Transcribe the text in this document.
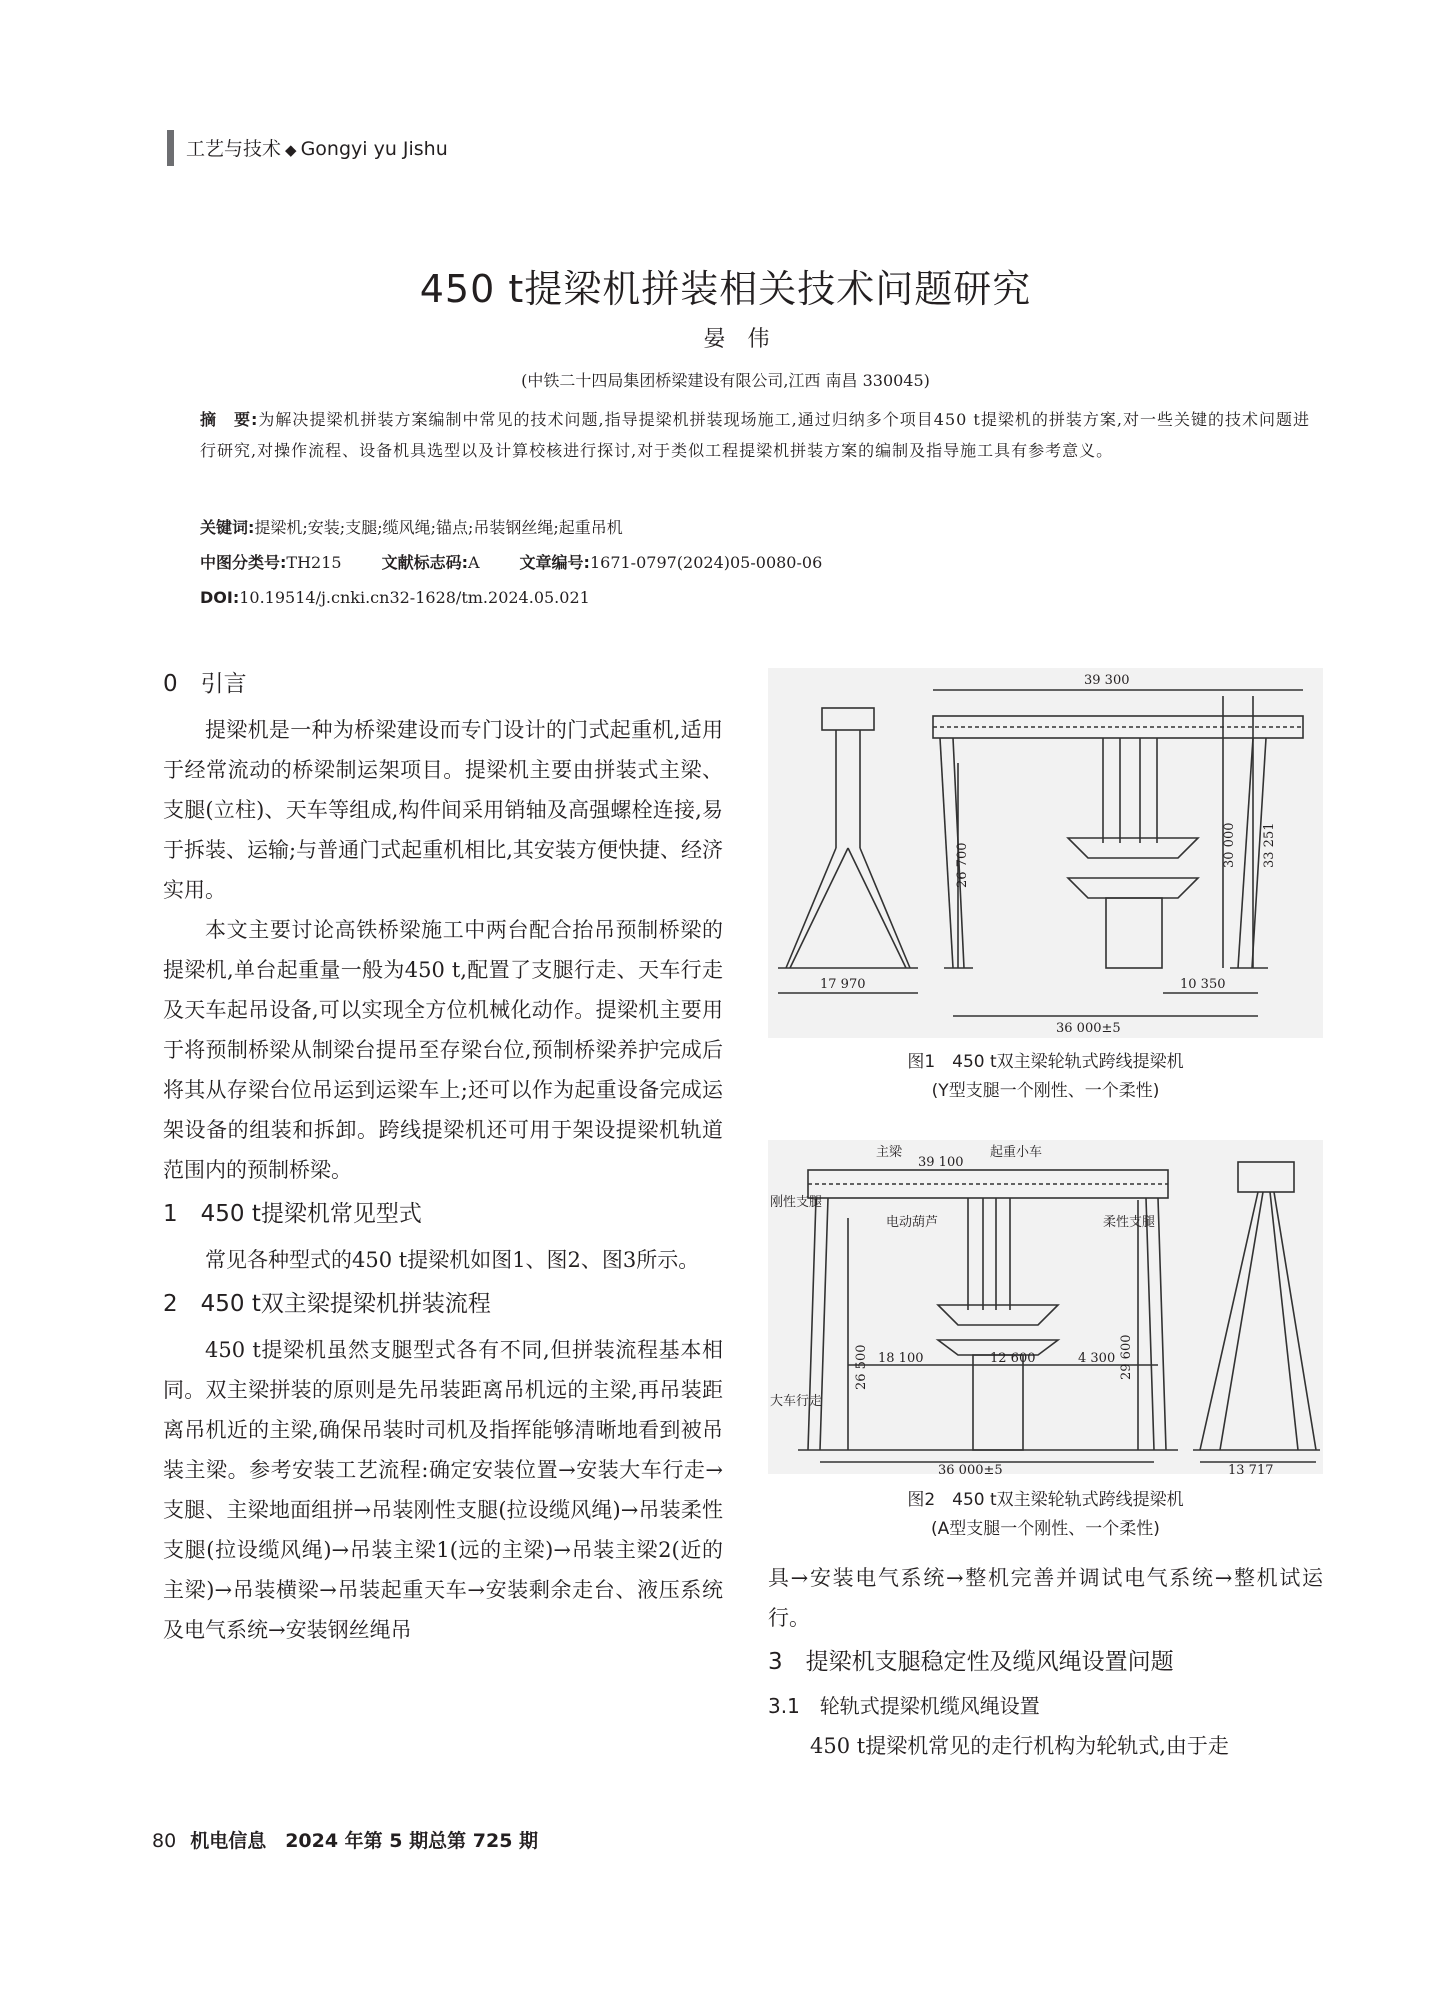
工艺与技术 ◆ Gongyi yu Jishu
450 t提梁机拼装相关技术问题研究
晏伟
(中铁二十四局集团桥梁建设有限公司,江西 南昌 330045)
摘　要:为解决提梁机拼装方案编制中常见的技术问题,指导提梁机拼装现场施工,通过归纳多个项目450 t提梁机的拼装方案,对一些关键的技术问题进行研究,对操作流程、设备机具选型以及计算校核进行探讨,对于类似工程提梁机拼装方案的编制及指导施工具有参考意义。
关键词:提梁机;安装;支腿;缆风绳;锚点;吊装钢丝绳;起重吊机
中图分类号:TH215	文献标志码:A	文章编号:1671-0797(2024)05-0080-06
DOI:10.19514/j.cnki.cn32-1628/tm.2024.05.021
0　引言

提梁机是一种为桥梁建设而专门设计的门式起重机,适用于经常流动的桥梁制运架项目。提梁机主要由拼装式主梁、支腿(立柱)、天车等组成,构件间采用销轴及高强螺栓连接,易于拆装、运输;与普通门式起重机相比,其安装方便快捷、经济实用。

本文主要讨论高铁桥梁施工中两台配合抬吊预制桥梁的提梁机,单台起重量一般为450 t,配置了支腿行走、天车行走及天车起吊设备,可以实现全方位机械化动作。提梁机主要用于将预制桥梁从制梁台提吊至存梁台位,预制桥梁养护完成后将其从存梁台位吊运到运梁车上;还可以作为起重设备完成运架设备的组装和拆卸。跨线提梁机还可用于架设提梁机轨道范围内的预制桥梁。

1　450 t提梁机常见型式

常见各种型式的450 t提梁机如图1、图2、图3所示。

2　450 t双主梁提梁机拼装流程

450 t提梁机虽然支腿型式各有不同,但拼装流程基本相同。双主梁拼装的原则是先吊装距离吊机远的主梁,再吊装距离吊机近的主梁,确保吊装时司机及指挥能够清晰地看到被吊装主梁。参考安装工艺流程:确定安装位置→安装大车行走→支腿、主梁地面组拼→吊装刚性支腿(拉设缆风绳)→吊装柔性支腿(拉设缆风绳)→吊装主梁1(远的主梁)→吊装主梁2(近的主梁)→吊装横梁→吊装起重天车→安装剩余走台、液压系统及电气系统→安装钢丝绳吊

39 300
26 700	30 000 33 251
17 970	10 350
36 000±5
图1　450 t双主梁轮轨式跨线提梁机
(Y型支腿一个刚性、一个柔性)
主梁
39 100
起重小车
刚性支腿
电动葫芦	柔性支腿
26 500	29 600
18 100	12 600	4 300
大车行走
36 000±5	13 717
图2　450 t双主梁轮轨式跨线提梁机
(A型支腿一个刚性、一个柔性)

具→安装电气系统→整机完善并调试电气系统→整机试运行。

3　提梁机支腿稳定性及缆风绳设置问题
3.1　轮轨式提梁机缆风绳设置

450 t提梁机常见的走行机构为轮轨式,由于走

80 机电信息　2024 年第 5 期总第 725 期
